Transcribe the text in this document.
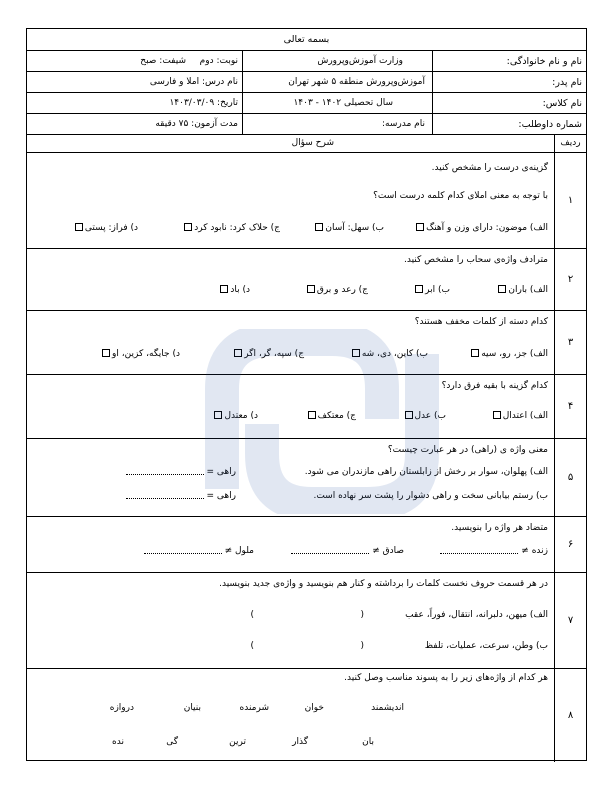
بسمه تعالی
نام و نام خانوادگی:
نام پدر:
نام کلاس:
شماره داوطلب:
وزارت آموزش‌وپرورش
آموزش‌وپرورش منطقه ۵ شهر تهران
سال تحصیلی ۱۴۰۲ - ۱۴۰۳
نام مدرسه:
نوبت: دوم
شیفت: صبح
نام درس: املا و فارسی
تاریخ: ۱۴۰۳/۰۳/۰۹
مدت آزمون: ۷۵ دقیقه
ردیف
شرح سؤال
۱
گزینه‌ی درست را مشخص کنید.
با توجه به معنی املای کدام کلمه درست است؟
الف) موضون: دارای وزن و آهنگ
ب) سهل: آسان
ج) حلاک کرد: نابود کرد
د) فراز: پستی
۲
مترادف واژه‌ی سحاب را مشخص کنید.
الف) باران
ب) ابر
ج) رعد و برق
د) باد
۳
کدام دسته از کلمات مخفف هستند؟
الف) جز، رو، سیه
ب) کاین، دی، شه
ج) سپه، گر، اگر
د) جایگه، کزین، او
۴
کدام گزینه با بقیه فرق دارد؟
الف) اعتدال
ب) عدل
ج) معتکف
د) معتدل
۵
معنی واژه ی (راهی) در هر عبارت چیست؟
الف) پهلوان، سوار بر رخش از زابلستان راهی مازندران می شود.
راهی =
ب) رستم بیابانی سخت و راهی دشوار را پشت سر نهاده است.
راهی =
۶
متضاد هر واژه را بنویسید.
زنده ≠
صادق ≠
ملول ≠
۷
در هر قسمت حروف نخست کلمات را برداشته و کنار هم بنویسید و واژه‌ی جدید بنویسید.
الف) میهن، دلبرانه، انتقال، فوراً، عقب
(
)
ب) وطن، سرعت، عملیات، تلفظ
(
)
۸
هر کدام از واژه‌های زیر را به پسوند مناسب وصل کنید.
اندیشمند
خوان
شرمنده
بنیان
دروازه
بان
گذار
ترین
گی
نده
